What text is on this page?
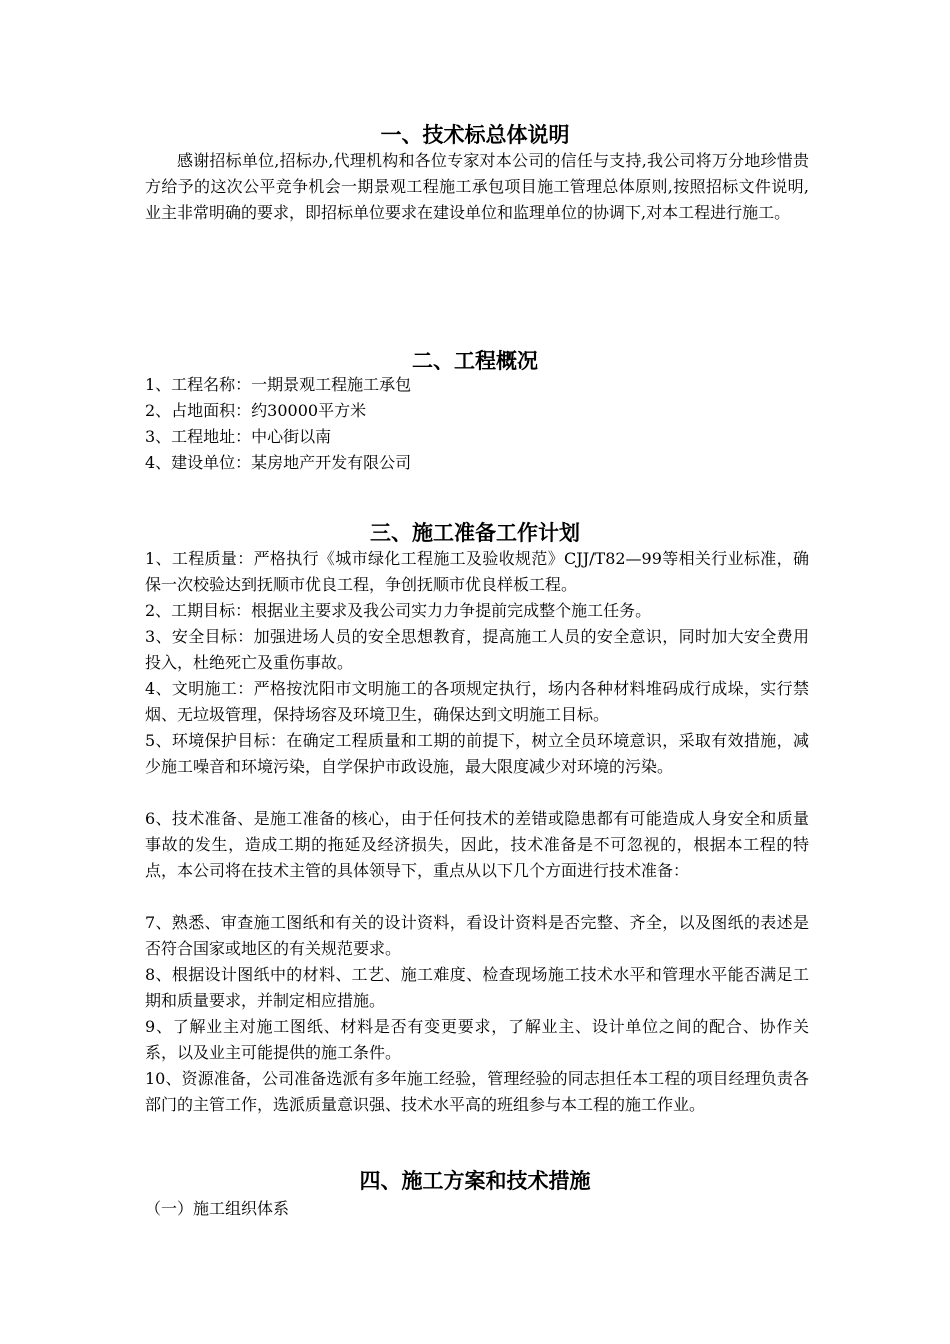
一、技术标总体说明

感谢招标单位,招标办,代理机构和各位专家对本公司的信任与支持,我公司将万分地珍惜贵方给予的这次公平竞争机会一期景观工程施工承包项目施工管理总体原则,按照招标文件说明,业主非常明确的要求，即招标单位要求在建设单位和监理单位的协调下,对本工程进行施工。

二、工程概况

1、工程名称：一期景观工程施工承包

2、占地面积：约30000平方米

3、工程地址：中心街以南

4、建设单位：某房地产开发有限公司

三、施工准备工作计划

1、工程质量：严格执行《城市绿化工程施工及验收规范》CJJ/T82—99等相关行业标准，确保一次校验达到抚顺市优良工程，争创抚顺市优良样板工程。

2、工期目标：根据业主要求及我公司实力力争提前完成整个施工任务。

3、安全目标：加强进场人员的安全思想教育，提高施工人员的安全意识，同时加大安全费用投入，杜绝死亡及重伤事故。

4、文明施工：严格按沈阳市文明施工的各项规定执行，场内各种材料堆码成行成垛，实行禁烟、无垃圾管理，保持场容及环境卫生，确保达到文明施工目标。

5、环境保护目标：在确定工程质量和工期的前提下，树立全员环境意识，采取有效措施，减少施工噪音和环境污染，自学保护市政设施，最大限度减少对环境的污染。

6、技术准备、是施工准备的核心，由于任何技术的差错或隐患都有可能造成人身安全和质量事故的发生，造成工期的拖延及经济损失，因此，技术准备是不可忽视的，根据本工程的特点，本公司将在技术主管的具体领导下，重点从以下几个方面进行技术准备：

7、熟悉、审查施工图纸和有关的设计资料，看设计资料是否完整、齐全，以及图纸的表述是否符合国家或地区的有关规范要求。

8、根据设计图纸中的材料、工艺、施工难度、检查现场施工技术水平和管理水平能否满足工期和质量要求，并制定相应措施。

9、了解业主对施工图纸、材料是否有变更要求，了解业主、设计单位之间的配合、协作关系，以及业主可能提供的施工条件。

10、资源准备，公司准备选派有多年施工经验，管理经验的同志担任本工程的项目经理负责各部门的主管工作，选派质量意识强、技术水平高的班组参与本工程的施工作业。

四、施工方案和技术措施

（一）施工组织体系
